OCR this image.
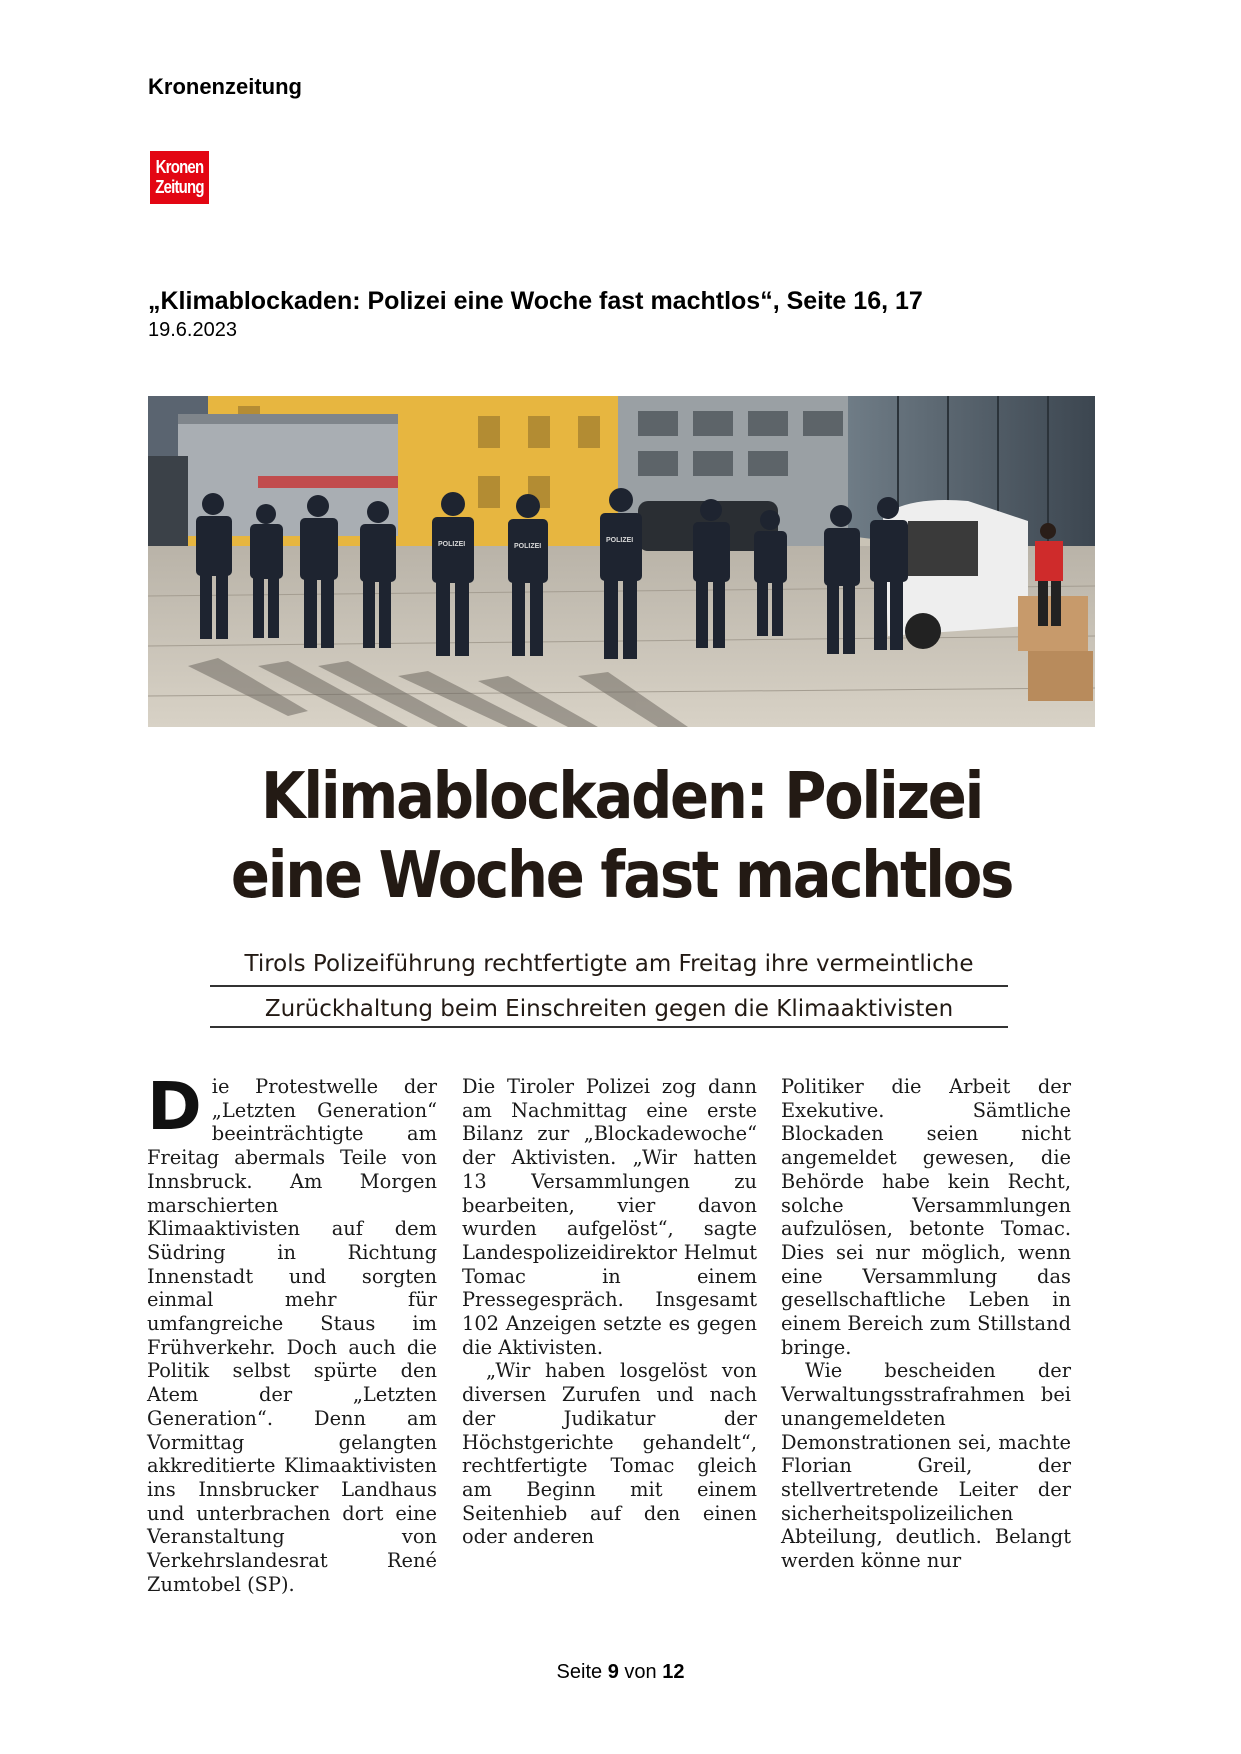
Kronenzeitung
Kronen
Zeitung
„Klimablockaden: Polizei eine Woche fast machtlos“, Seite 16, 17
19.6.2023
POLIZEI	POLIZEI
POLIZEI
Klimablockaden: Polizei
eine Woche fast machtlos
Tirols Polizeiführung rechtfertigte am Freitag ihre vermeintliche
Zurückhaltung beim Einschreiten gegen die Klimaaktivisten
D ie Protestwelle der „Letzten Generation“ beeinträchtigte am Freitag abermals Teile von Innsbruck. Am Morgen marschierten Klimaaktivisten auf dem Südring in Richtung Innenstadt und sorgten einmal mehr für umfangreiche Staus im Frühverkehr. Doch auch die Politik selbst spürte den Atem der „Letzten Generation“. Denn am Vormittag gelangten akkreditierte Klimaaktivisten ins Innsbrucker Landhaus und unterbrachen dort eine Veranstaltung von Verkehrslandesrat René Zumtobel (SP).

Die Tiroler Polizei zog dann am Nachmittag eine erste Bilanz zur „Blockadewoche“ der Aktivisten. „Wir hatten 13 Versammlungen zu bearbeiten, vier davon wurden aufgelöst“, sagte Landespolizeidirektor Helmut Tomac in einem Pressegespräch. Insgesamt 102 Anzeigen setzte es gegen die Aktivisten.

„Wir haben losgelöst von diversen Zurufen und nach der Judikatur der Höchstgerichte gehandelt“, rechtfertigte Tomac gleich am Beginn mit einem Seitenhieb auf den einen oder anderen

Politiker die Arbeit der Exekutive. Sämtliche Blockaden seien nicht angemeldet gewesen, die Behörde habe kein Recht, solche Versammlungen aufzulösen, betonte Tomac. Dies sei nur möglich, wenn eine Versammlung das gesellschaftliche Leben in einem Bereich zum Stillstand bringe.

Wie bescheiden der Verwaltungsstrafrahmen bei unangemeldeten Demonstrationen sei, machte Florian Greil, der stellvertretende Leiter der sicherheitspolizeilichen Abteilung, deutlich. Belangt werden könne nur

Seite 9 von 12
